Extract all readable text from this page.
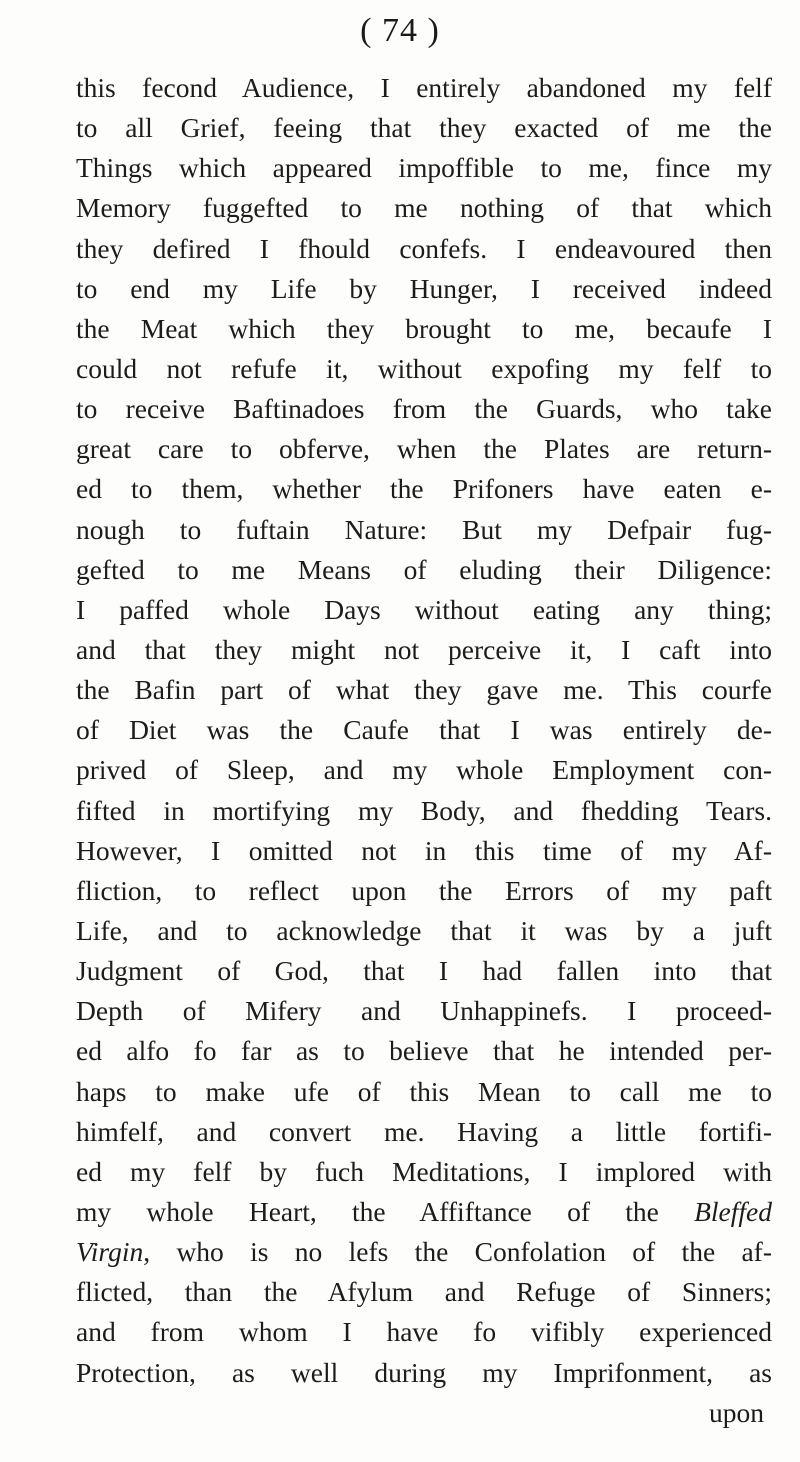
( 74 )
this fecond Audience, I entirely abandoned my felf
to all Grief, feeing that they exacted of me the
Things which appeared impoffible to me, fince my
Memory fuggefted to me nothing of that which
they defired I fhould confefs. I endeavoured then
to end my Life by Hunger, I received indeed
the Meat which they brought to me, becaufe I
could not refufe it, without expofing my felf to
to receive Baftinadoes from the Guards, who take
great care to obferve, when the Plates are return-
ed to them, whether the Prifoners have eaten e-
nough to fuftain Nature: But my Defpair fug-
gefted to me Means of eluding their Diligence:
I paffed whole Days without eating any thing;
and that they might not perceive it, I caft into
the Bafin part of what they gave me. This courfe
of Diet was the Caufe that I was entirely de-
prived of Sleep, and my whole Employment con-
fifted in mortifying my Body, and fhedding Tears.
However, I omitted not in this time of my Af-
fliction, to reflect upon the Errors of my paft
Life, and to acknowledge that it was by a juft
Judgment of God, that I had fallen into that
Depth of Mifery and Unhappinefs. I proceed-
ed alfo fo far as to believe that he intended per-
haps to make ufe of this Mean to call me to
himfelf, and convert me. Having a little fortifi-
ed my felf by fuch Meditations, I implored with
my whole Heart, the Affiftance of the Bleffed
Virgin, who is no lefs the Confolation of the af-
flicted, than the Afylum and Refuge of Sinners;
and from whom I have fo vifibly experienced
Protection, as well during my Imprifonment, as
upon
